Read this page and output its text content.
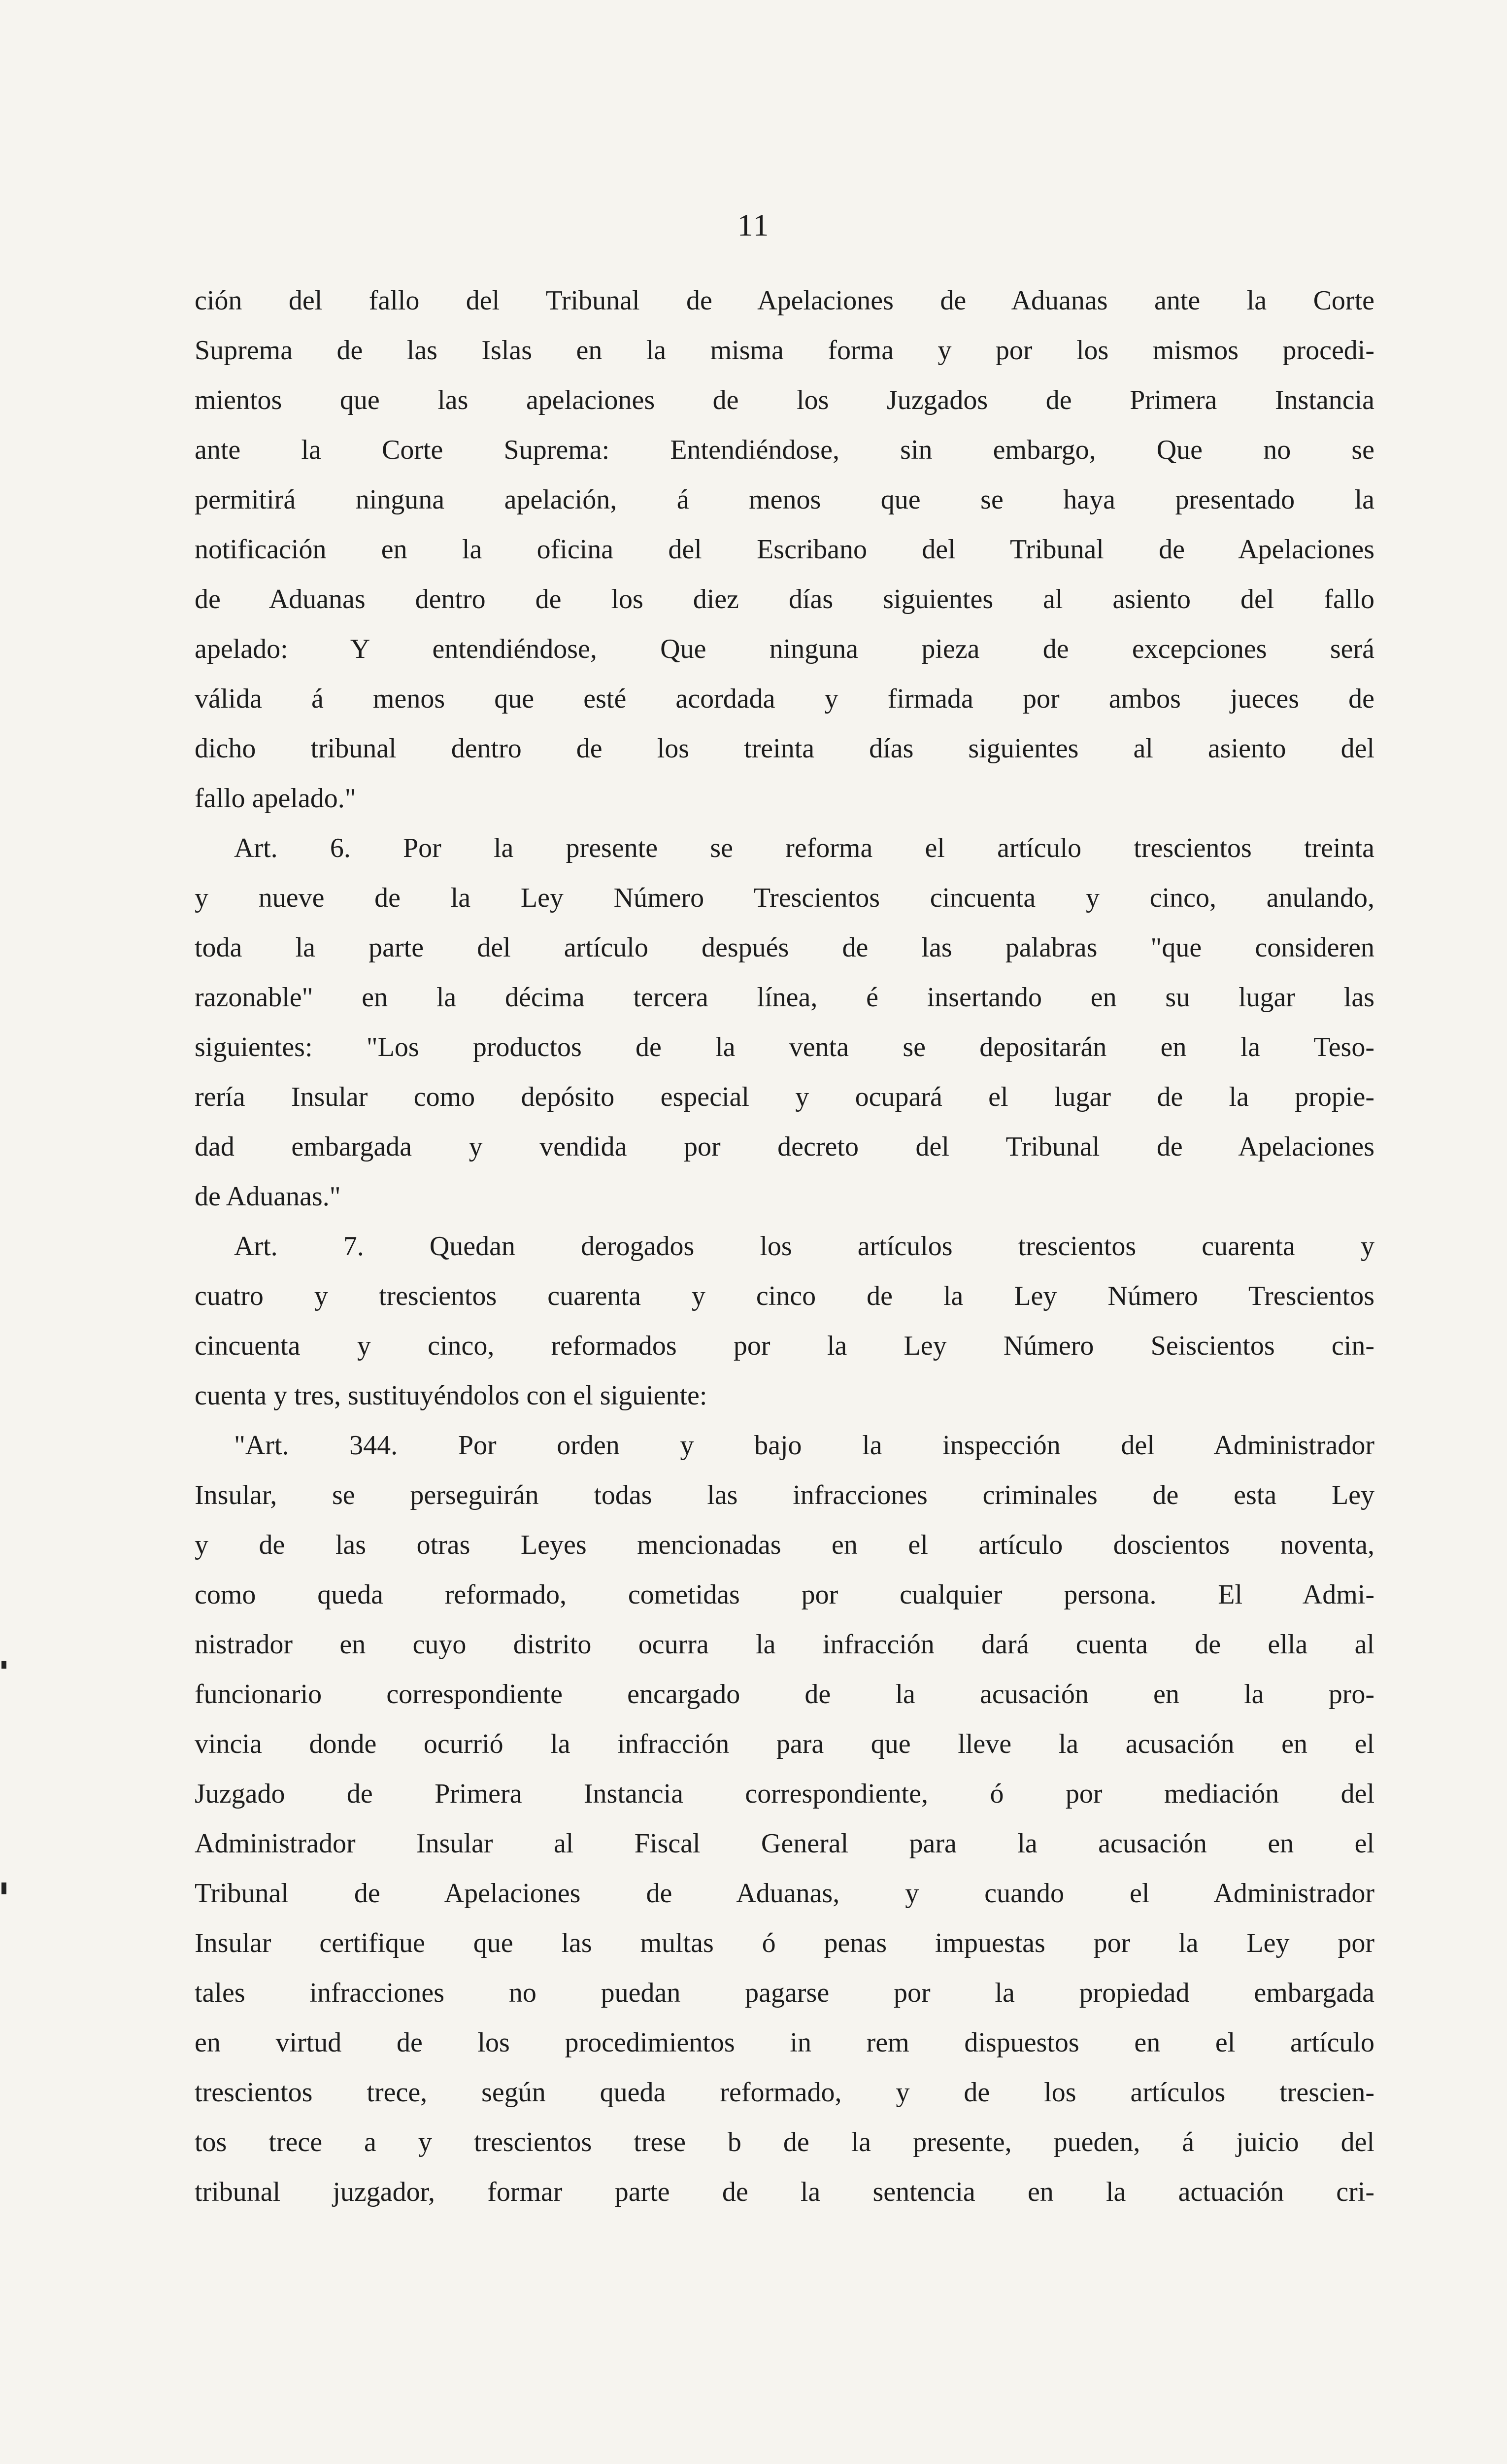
11
ción del fallo del Tribunal de Apelaciones de Aduanas ante la Corte
Suprema de las Islas en la misma forma y por los mismos procedi-
mientos que las apelaciones de los Juzgados de Primera Instancia
ante la Corte Suprema: Entendiéndose, sin embargo, Que no se
permitirá ninguna apelación, á menos que se haya presentado la
notificación en la oficina del Escribano del Tribunal de Apelaciones
de Aduanas dentro de los diez días siguientes al asiento del fallo
apelado: Y entendiéndose, Que ninguna pieza de excepciones será
válida á menos que esté acordada y firmada por ambos jueces de
dicho tribunal dentro de los treinta días siguientes al asiento del
fallo apelado."
Art. 6. Por la presente se reforma el artículo trescientos treinta
y nueve de la Ley Número Trescientos cincuenta y cinco, anulando,
toda la parte del artículo después de las palabras "que consideren
razonable" en la décima tercera línea, é insertando en su lugar las
siguientes: "Los productos de la venta se depositarán en la Teso-
rería Insular como depósito especial y ocupará el lugar de la propie-
dad embargada y vendida por decreto del Tribunal de Apelaciones
de Aduanas."
Art. 7. Quedan derogados los artículos trescientos cuarenta y
cuatro y trescientos cuarenta y cinco de la Ley Número Trescientos
cincuenta y cinco, reformados por la Ley Número Seiscientos cin-
cuenta y tres, sustituyéndolos con el siguiente:
"Art. 344. Por orden y bajo la inspección del Administrador
Insular, se perseguirán todas las infracciones criminales de esta Ley
y de las otras Leyes mencionadas en el artículo doscientos noventa,
como queda reformado, cometidas por cualquier persona. El Admi-
nistrador en cuyo distrito ocurra la infracción dará cuenta de ella al
funcionario correspondiente encargado de la acusación en la pro-
vincia donde ocurrió la infracción para que lleve la acusación en el
Juzgado de Primera Instancia correspondiente, ó por mediación del
Administrador Insular al Fiscal General para la acusación en el
Tribunal de Apelaciones de Aduanas, y cuando el Administrador
Insular certifique que las multas ó penas impuestas por la Ley por
tales infracciones no puedan pagarse por la propiedad embargada
en virtud de los procedimientos in rem dispuestos en el artículo
trescientos trece, según queda reformado, y de los artículos trescien-
tos trece a y trescientos trese b de la presente, pueden, á juicio del
tribunal juzgador, formar parte de la sentencia en la actuación cri-
